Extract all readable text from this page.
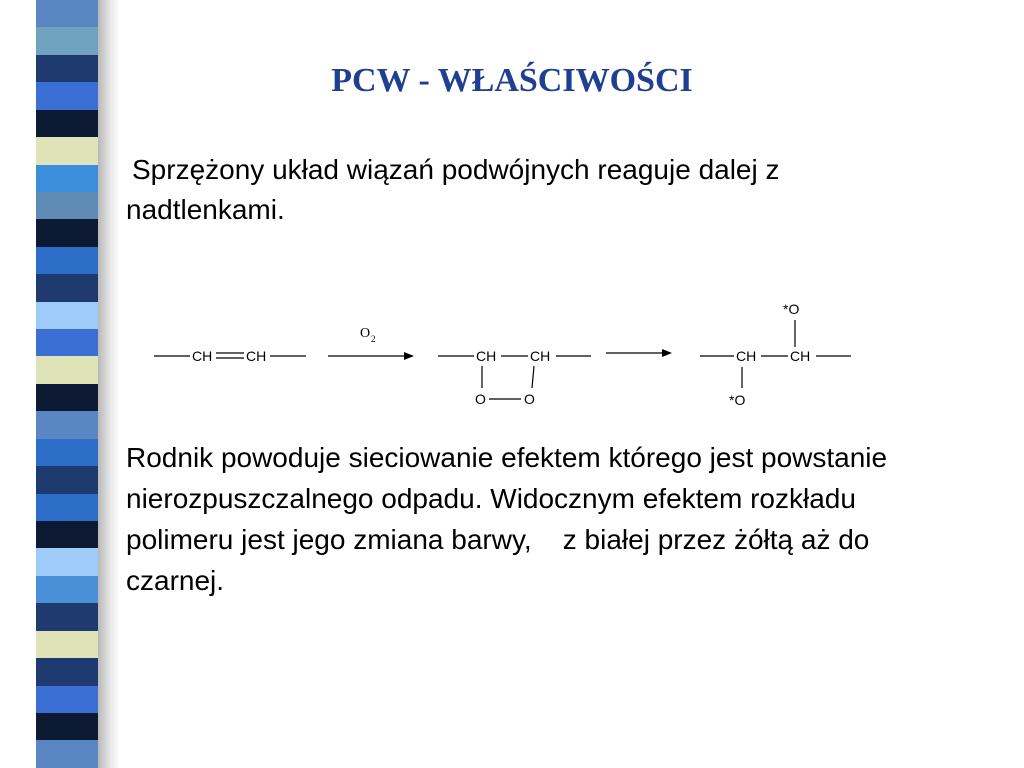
PCW - WŁAŚCIWOŚCI
Sprzężony układ wiązań podwójnych reaguje dalej z nadtlenkami.
CH CH
O 2
CH CH
O	O
*O
CH CH
*O
Rodnik powoduje sieciowanie efektem którego jest powstanie nierozpuszczalnego odpadu. Widocznym efektem rozkładu polimeru jest jego zmiana barwy,    z białej przez żółtą aż do czarnej.
